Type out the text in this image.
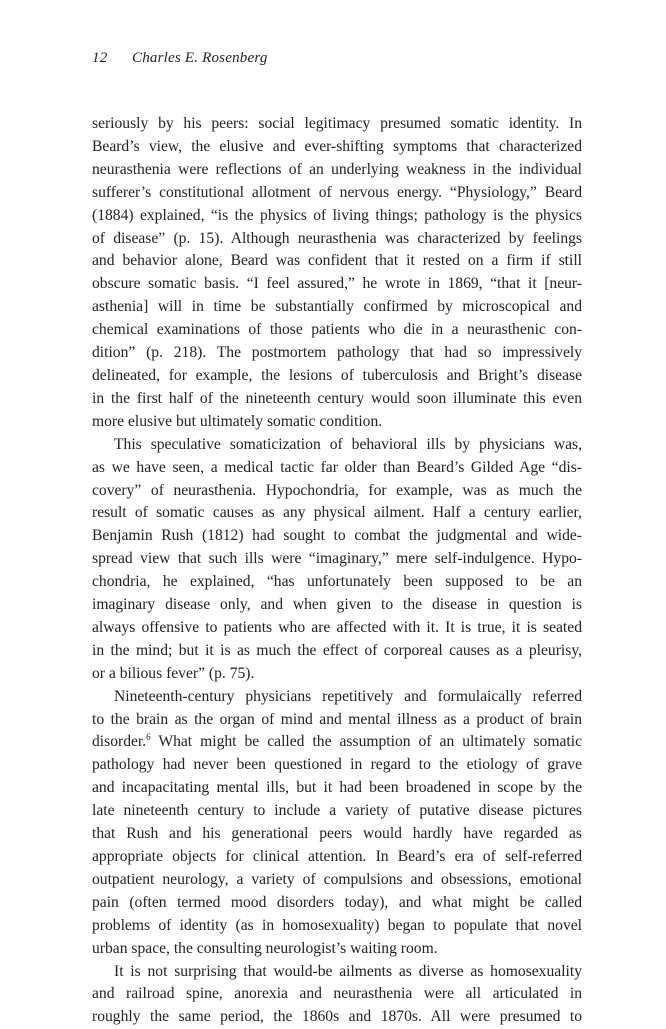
12 Charles E. Rosenberg

seriously by his peers: social legitimacy presumed somatic identity. In
Beard’s view, the elusive and ever-shifting symptoms that characterized
neurasthenia were reflections of an underlying weakness in the individual
sufferer’s constitutional allotment of nervous energy. “Physiology,” Beard
(1884) explained, “is the physics of living things; pathology is the physics
of disease” (p. 15). Although neurasthenia was characterized by feelings
and behavior alone, Beard was confident that it rested on a firm if still
obscure somatic basis. “I feel assured,” he wrote in 1869, “that it [neur-
asthenia] will in time be substantially confirmed by microscopical and
chemical examinations of those patients who die in a neurasthenic con-
dition” (p. 218). The postmortem pathology that had so impressively
delineated, for example, the lesions of tuberculosis and Bright’s disease
in the first half of the nineteenth century would soon illuminate this even
more elusive but ultimately somatic condition.

This speculative somaticization of behavioral ills by physicians was,
as we have seen, a medical tactic far older than Beard’s Gilded Age “dis-
covery” of neurasthenia. Hypochondria, for example, was as much the
result of somatic causes as any physical ailment. Half a century earlier,
Benjamin Rush (1812) had sought to combat the judgmental and wide-
spread view that such ills were “imaginary,” mere self-indulgence. Hypo-
chondria, he explained, “has unfortunately been supposed to be an
imaginary disease only, and when given to the disease in question is
always offensive to patients who are affected with it. It is true, it is seated
in the mind; but it is as much the effect of corporeal causes as a pleurisy,
or a bilious fever” (p. 75).

Nineteenth-century physicians repetitively and formulaically referred
to the brain as the organ of mind and mental illness as a product of brain
disorder.$^6$ What might be called the assumption of an ultimately somatic
pathology had never been questioned in regard to the etiology of grave
and incapacitating mental ills, but it had been broadened in scope by the
late nineteenth century to include a variety of putative disease pictures
that Rush and his generational peers would hardly have regarded as
appropriate objects for clinical attention. In Beard’s era of self-referred
outpatient neurology, a variety of compulsions and obsessions, emotional
pain (often termed mood disorders today), and what might be called
problems of identity (as in homosexuality) began to populate that novel
urban space, the consulting neurologist’s waiting room.

It is not surprising that would-be ailments as diverse as homosexuality
and railroad spine, anorexia and neurasthenia were all articulated in
roughly the same period, the 1860s and 1870s. All were presumed to
